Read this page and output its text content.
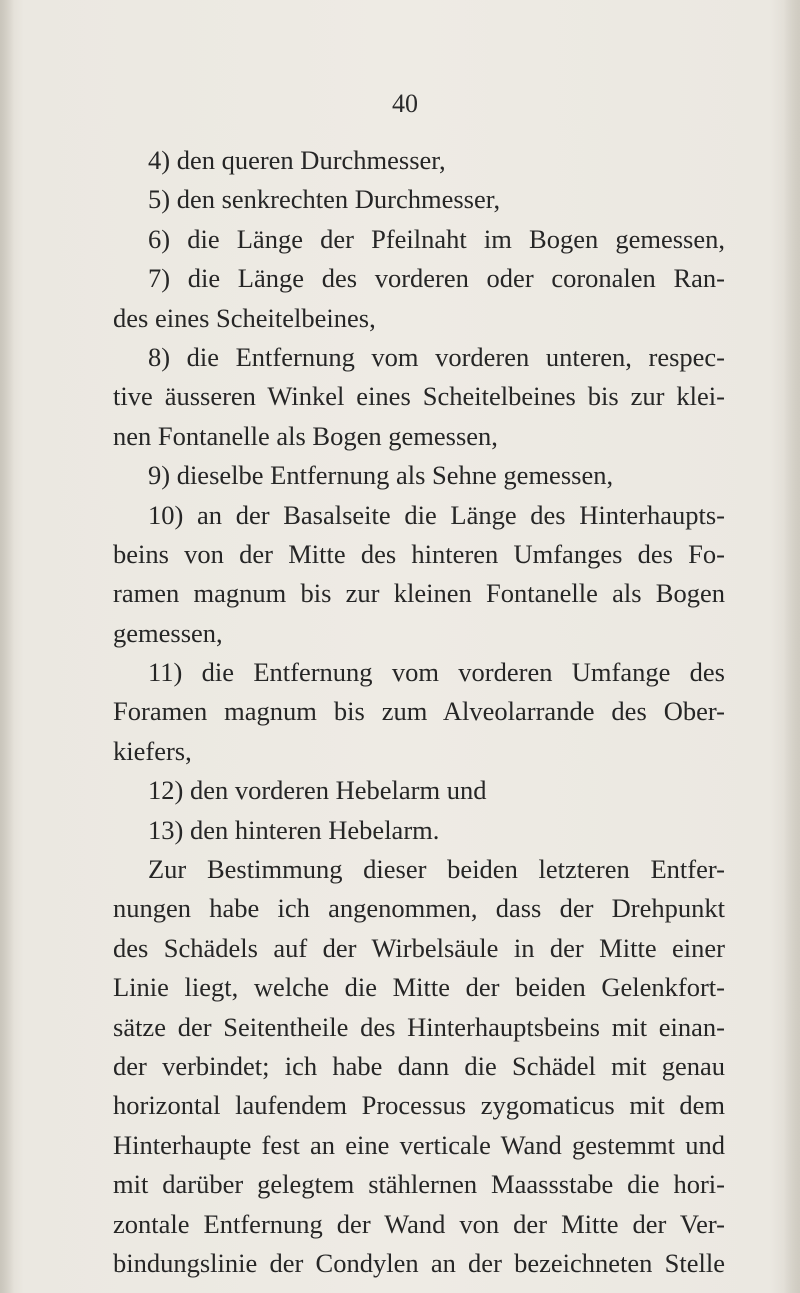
40
4) den queren Durchmesser,
5) den senkrechten Durchmesser,
6) die Länge der Pfeilnaht im Bogen gemessen,
7) die Länge des vorderen oder coronalen Ran-
des eines Scheitelbeines,
8) die Entfernung vom vorderen unteren, respec-
tive äusseren Winkel eines Scheitelbeines bis zur klei-
nen Fontanelle als Bogen gemessen,
9) dieselbe Entfernung als Sehne gemessen,
10) an der Basalseite die Länge des Hinterhaupts-
beins von der Mitte des hinteren Umfanges des Fo-
ramen magnum bis zur kleinen Fontanelle als Bogen
gemessen,
11) die Entfernung vom vorderen Umfange des
Foramen magnum bis zum Alveolarrande des Ober-
kiefers,
12) den vorderen Hebelarm und
13) den hinteren Hebelarm.
Zur Bestimmung dieser beiden letzteren Entfer-
nungen habe ich angenommen, dass der Drehpunkt
des Schädels auf der Wirbelsäule in der Mitte einer
Linie liegt, welche die Mitte der beiden Gelenkfort-
sätze der Seitentheile des Hinterhauptsbeins mit einan-
der verbindet; ich habe dann die Schädel mit genau
horizontal laufendem Processus zygomaticus mit dem
Hinterhaupte fest an eine verticale Wand gestemmt und
mit darüber gelegtem stählernen Maassstabe die hori-
zontale Entfernung der Wand von der Mitte der Ver-
bindungslinie der Condylen an der bezeichneten Stelle
